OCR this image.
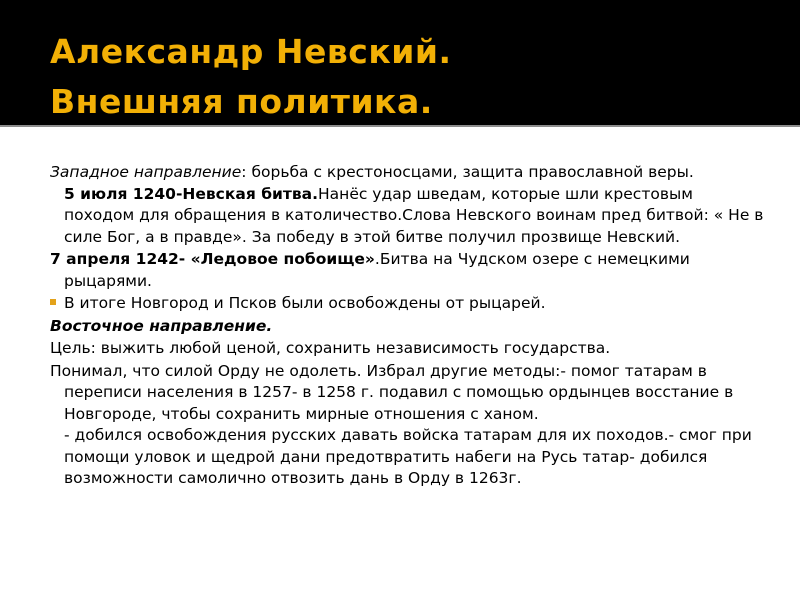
Александр Невский.
Внешняя политика.
Западное направление: борьба с крестоносцами, защита православной веры.
5 июля 1240-Невская битва.Нанёс удар шведам, которые шли крестовым походом для обращения в католичество.Слова Невского воинам пред битвой: « Не в силе Бог, а в правде». За победу в этой битве получил прозвище Невский.
7 апреля 1242- «Ледовое побоище».Битва на Чудском озере с немецкими рыцарями.
В итоге Новгород и Псков были освобождены от рыцарей.
Восточное направление.
Цель: выжить любой ценой, сохранить независимость государства.
Понимал, что силой Орду не одолеть. Избрал другие методы:- помог татарам в переписи населения в 1257- в 1258 г. подавил с помощью ордынцев восстание в Новгороде, чтобы сохранить мирные отношения с ханом.
- добился освобождения русских давать войска татарам для их походов.- смог при помощи уловок и щедрой дани предотвратить набеги на Русь татар- добился возможности самолично отвозить дань в Орду в 1263г.
